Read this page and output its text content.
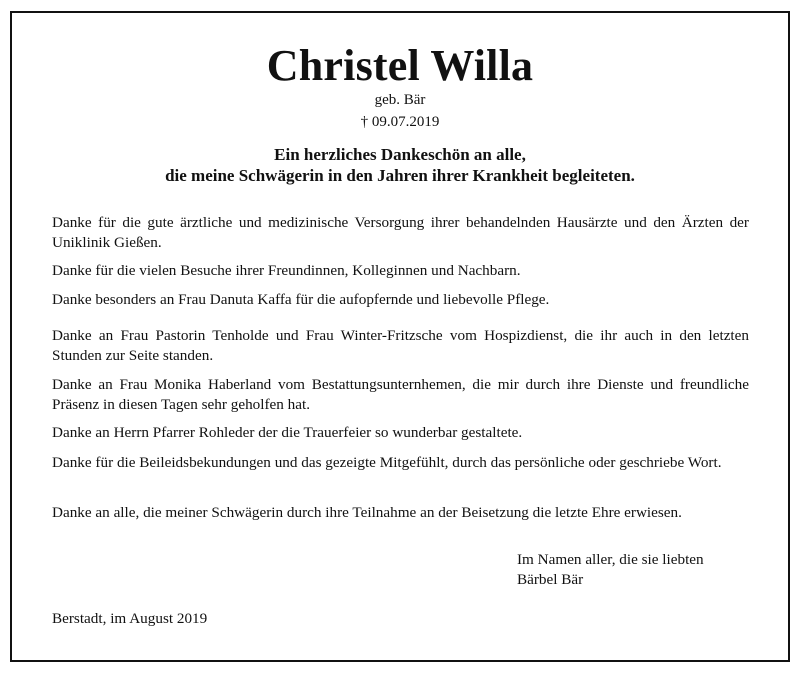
Christel Willa
geb. Bär
† 09.07.2019
Ein herzliches Dankeschön an alle,
die meine Schwägerin in den Jahren ihrer Krankheit begleiteten.

Danke für die gute ärztliche und medizinische Versorgung ihrer behandelnden Hausärzte und den Ärzten der Uniklinik Gießen.

Danke für die vielen Besuche ihrer Freundinnen, Kolleginnen und Nachbarn.

Danke besonders an Frau Danuta Kaffa für die aufopfernde und liebevolle Pflege.

Danke an Frau Pastorin Tenholde und Frau Winter-Fritzsche vom Hospizdienst, die ihr auch in den letzten Stunden zur Seite standen.

Danke an Frau Monika Haberland vom Bestattungsunternhemen, die mir durch ihre Dienste und freundliche Präsenz in diesen Tagen sehr geholfen hat.

Danke an Herrn Pfarrer Rohleder der die Trauerfeier so wunderbar gestaltete.

Danke für die Beileidsbekundungen und das gezeigte Mitgefühlt, durch das persönliche oder geschriebe Wort.

Danke an alle, die meiner Schwägerin durch ihre Teilnahme an der Beisetzung die letzte Ehre erwiesen.

Im Namen aller, die sie liebten
Bärbel Bär
Berstadt, im August 2019
